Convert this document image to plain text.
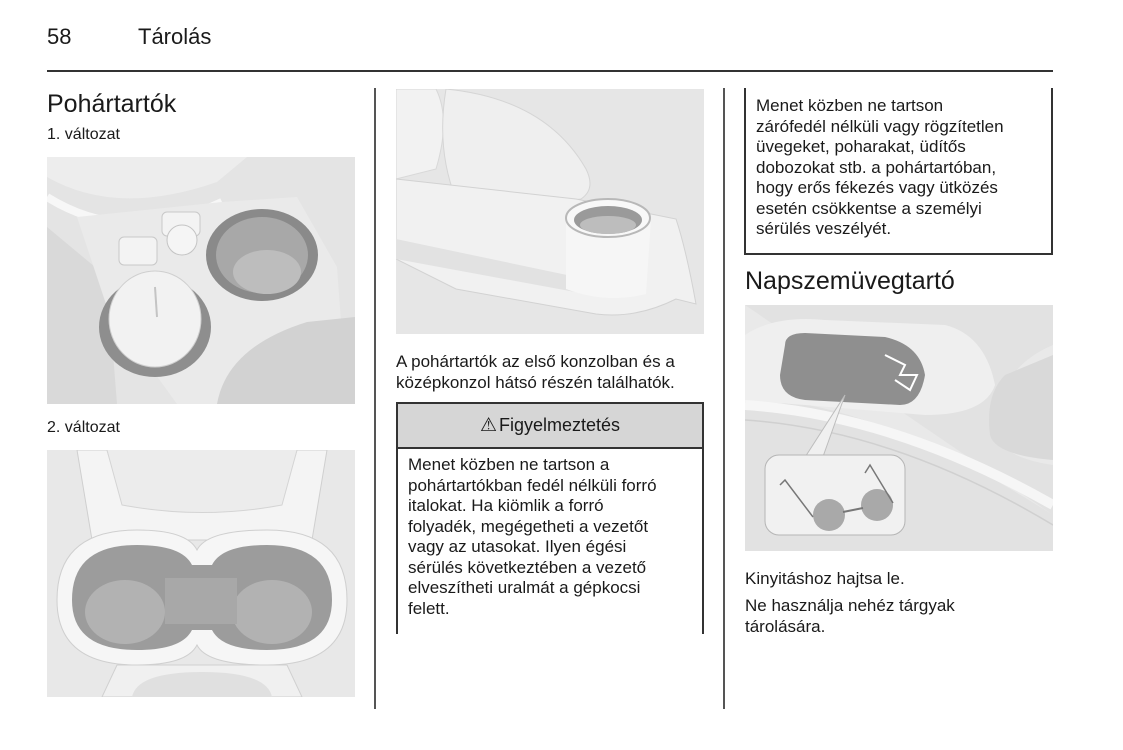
58	Tárolás
Pohártartók
1. változat
2. változat
A pohártartók az első konzolban és a
középkonzol hátsó részén találhatók.
⚠ Figyelmeztetés
Menet közben ne tartson a
pohártartókban fedél nélküli forró
italokat. Ha kiömlik a forró
folyadék, megégetheti a vezetőt
vagy az utasokat. Ilyen égési
sérülés következtében a vezető
elveszítheti uralmát a gépkocsi
felett.
Menet közben ne tartson
zárófedél nélküli vagy rögzítetlen
üvegeket, poharakat, üdítős
dobozokat stb. a pohártartóban,
hogy erős fékezés vagy ütközés
esetén csökkentse a személyi
sérülés veszélyét.
Napszemüvegtartó
Kinyitáshoz hajtsa le.
Ne használja nehéz tárgyak
tárolására.
